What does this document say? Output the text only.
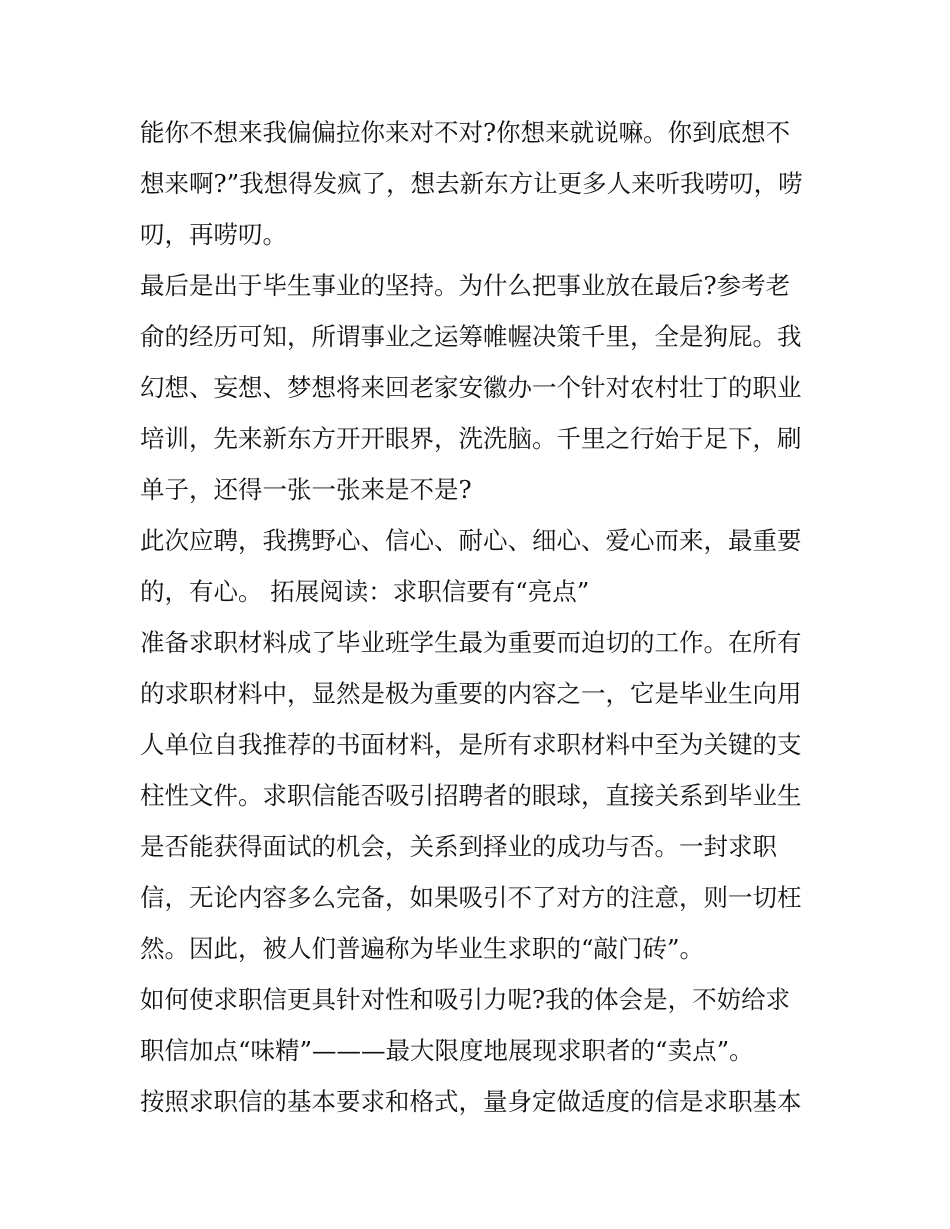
能你不想来我偏偏拉你来对不对?你想来就说嘛。你到底想不
想来啊?”我想得发疯了，想去新东方让更多人来听我唠叨，唠
叨，再唠叨。
最后是出于毕生事业的坚持。为什么把事业放在最后?参考老
俞的经历可知，所谓事业之运筹帷幄决策千里，全是狗屁。我
幻想、妄想、梦想将来回老家安徽办一个针对农村壮丁的职业
培训，先来新东方开开眼界，洗洗脑。千里之行始于足下，刷
单子，还得一张一张来是不是?
此次应聘，我携野心、信心、耐心、细心、爱心而来，最重要
的，有心。 拓展阅读：求职信要有“亮点”
准备求职材料成了毕业班学生最为重要而迫切的工作。在所有
的求职材料中，显然是极为重要的内容之一，它是毕业生向用
人单位自我推荐的书面材料，是所有求职材料中至为关键的支
柱性文件。求职信能否吸引招聘者的眼球，直接关系到毕业生
是否能获得面试的机会，关系到择业的成功与否。一封求职
信，无论内容多么完备，如果吸引不了对方的注意，则一切枉
然。因此，被人们普遍称为毕业生求职的“敲门砖”。
如何使求职信更具针对性和吸引力呢?我的体会是，不妨给求
职信加点“味精”———最大限度地展现求职者的“卖点”。
按照求职信的基本要求和格式，量身定做适度的信是求职基本
